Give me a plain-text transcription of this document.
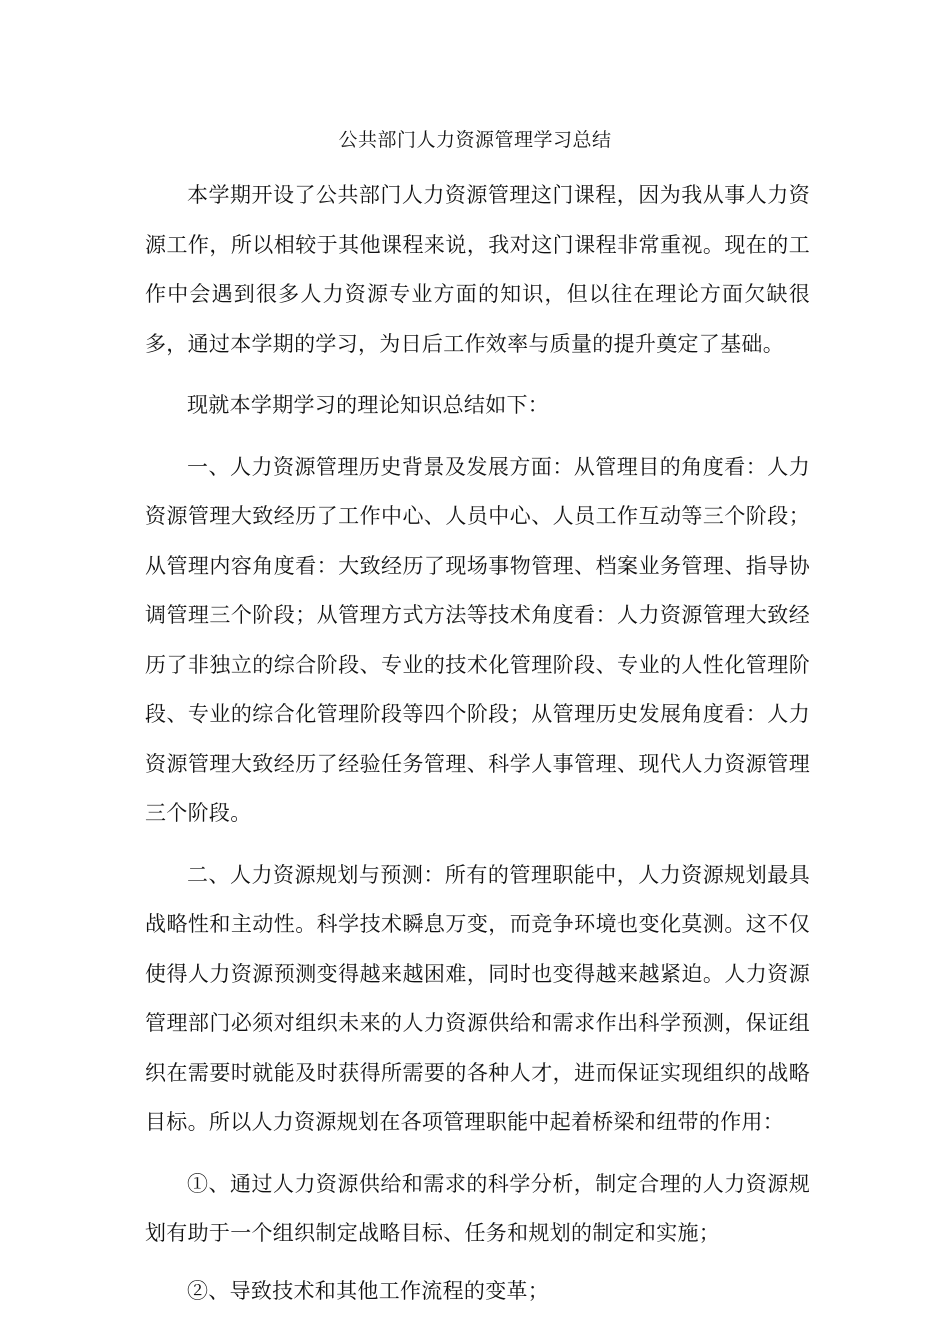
公共部门人力资源管理学习总结

本学期开设了公共部门人力资源管理这门课程，因为我从事人力资源工作，所以相较于其他课程来说，我对这门课程非常重视。现在的工作中会遇到很多人力资源专业方面的知识，但以往在理论方面欠缺很多，通过本学期的学习，为日后工作效率与质量的提升奠定了基础。

现就本学期学习的理论知识总结如下：

一、人力资源管理历史背景及发展方面：从管理目的角度看：人力资源管理大致经历了工作中心、人员中心、人员工作互动等三个阶段；从管理内容角度看：大致经历了现场事物管理、档案业务管理、指导协调管理三个阶段；从管理方式方法等技术角度看：人力资源管理大致经历了非独立的综合阶段、专业的技术化管理阶段、专业的人性化管理阶段、专业的综合化管理阶段等四个阶段；从管理历史发展角度看：人力资源管理大致经历了经验任务管理、科学人事管理、现代人力资源管理三个阶段。

二、人力资源规划与预测：所有的管理职能中，人力资源规划最具战略性和主动性。科学技术瞬息万变，而竞争环境也变化莫测。这不仅使得人力资源预测变得越来越困难，同时也变得越来越紧迫。人力资源管理部门必须对组织未来的人力资源供给和需求作出科学预测，保证组织在需要时就能及时获得所需要的各种人才，进而保证实现组织的战略目标。所以人力资源规划在各项管理职能中起着桥梁和纽带的作用：

①、通过人力资源供给和需求的科学分析，制定合理的人力资源规划有助于一个组织制定战略目标、任务和规划的制定和实施；

②、导致技术和其他工作流程的变革；
